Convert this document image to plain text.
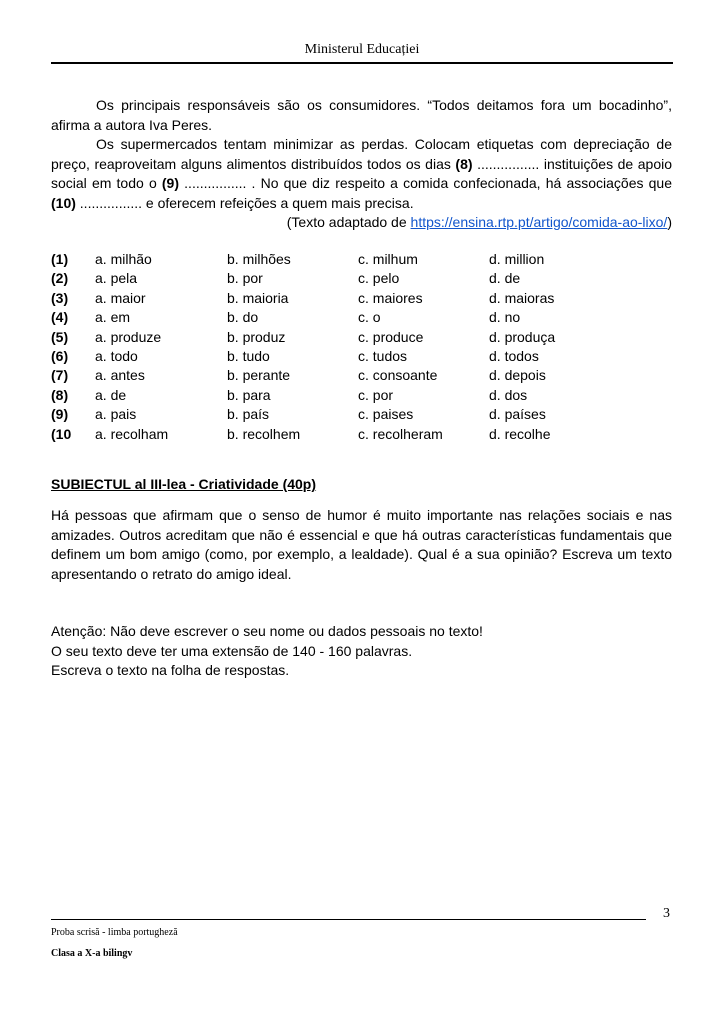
Ministerul Educației

Os principais responsáveis são os consumidores. “Todos deitamos fora um bocadinho”, afirma a autora Iva Peres.

Os supermercados tentam minimizar as perdas. Colocam etiquetas com depreciação de preço, reaproveitam alguns alimentos distribuídos todos os dias (8) ................ instituições de apoio social em todo o (9) ................ . No que diz respeito a comida confecionada, há associações que (10) ................ e oferecem refeições a quem mais precisa.

(Texto adaptado de https://ensina.rtp.pt/artigo/comida-ao-lixo/)

(1) a. milhão	b. milhões	c. milhum	d. million
(2) a. pela	b. por	c. pelo	d. de
(3) a. maior	b. maioria	c. maiores	d. maioras
(4) a. em	b. do	c. o	d. no
(5) a. produze	b. produz	c. produce	d. produça
(6) a. todo	b. tudo	c. tudos	d. todos
(7) a. antes	b. perante	c. consoante	d. depois
(8) a. de	b. para	c. por	d. dos
(9) a. pais	b. país	c. paises	d. países
(10 a. recolham	b. recolhem	c. recolheram	d. recolhe
SUBIECTUL al III-lea - Criatividade (40p)

Há pessoas que afirmam que o senso de humor é muito importante nas relações sociais e nas amizades. Outros acreditam que não é essencial e que há outras características fundamentais que definem um bom amigo (como, por exemplo, a lealdade). Qual é a sua opinião? Escreva um texto apresentando o retrato do amigo ideal.

Atenção: Não deve escrever o seu nome ou dados pessoais no texto!

O seu texto deve ter uma extensão de 140 - 160 palavras.

Escreva o texto na folha de respostas.

3
Proba scrisă - limba portugheză
Clasa a X-a bilingv
